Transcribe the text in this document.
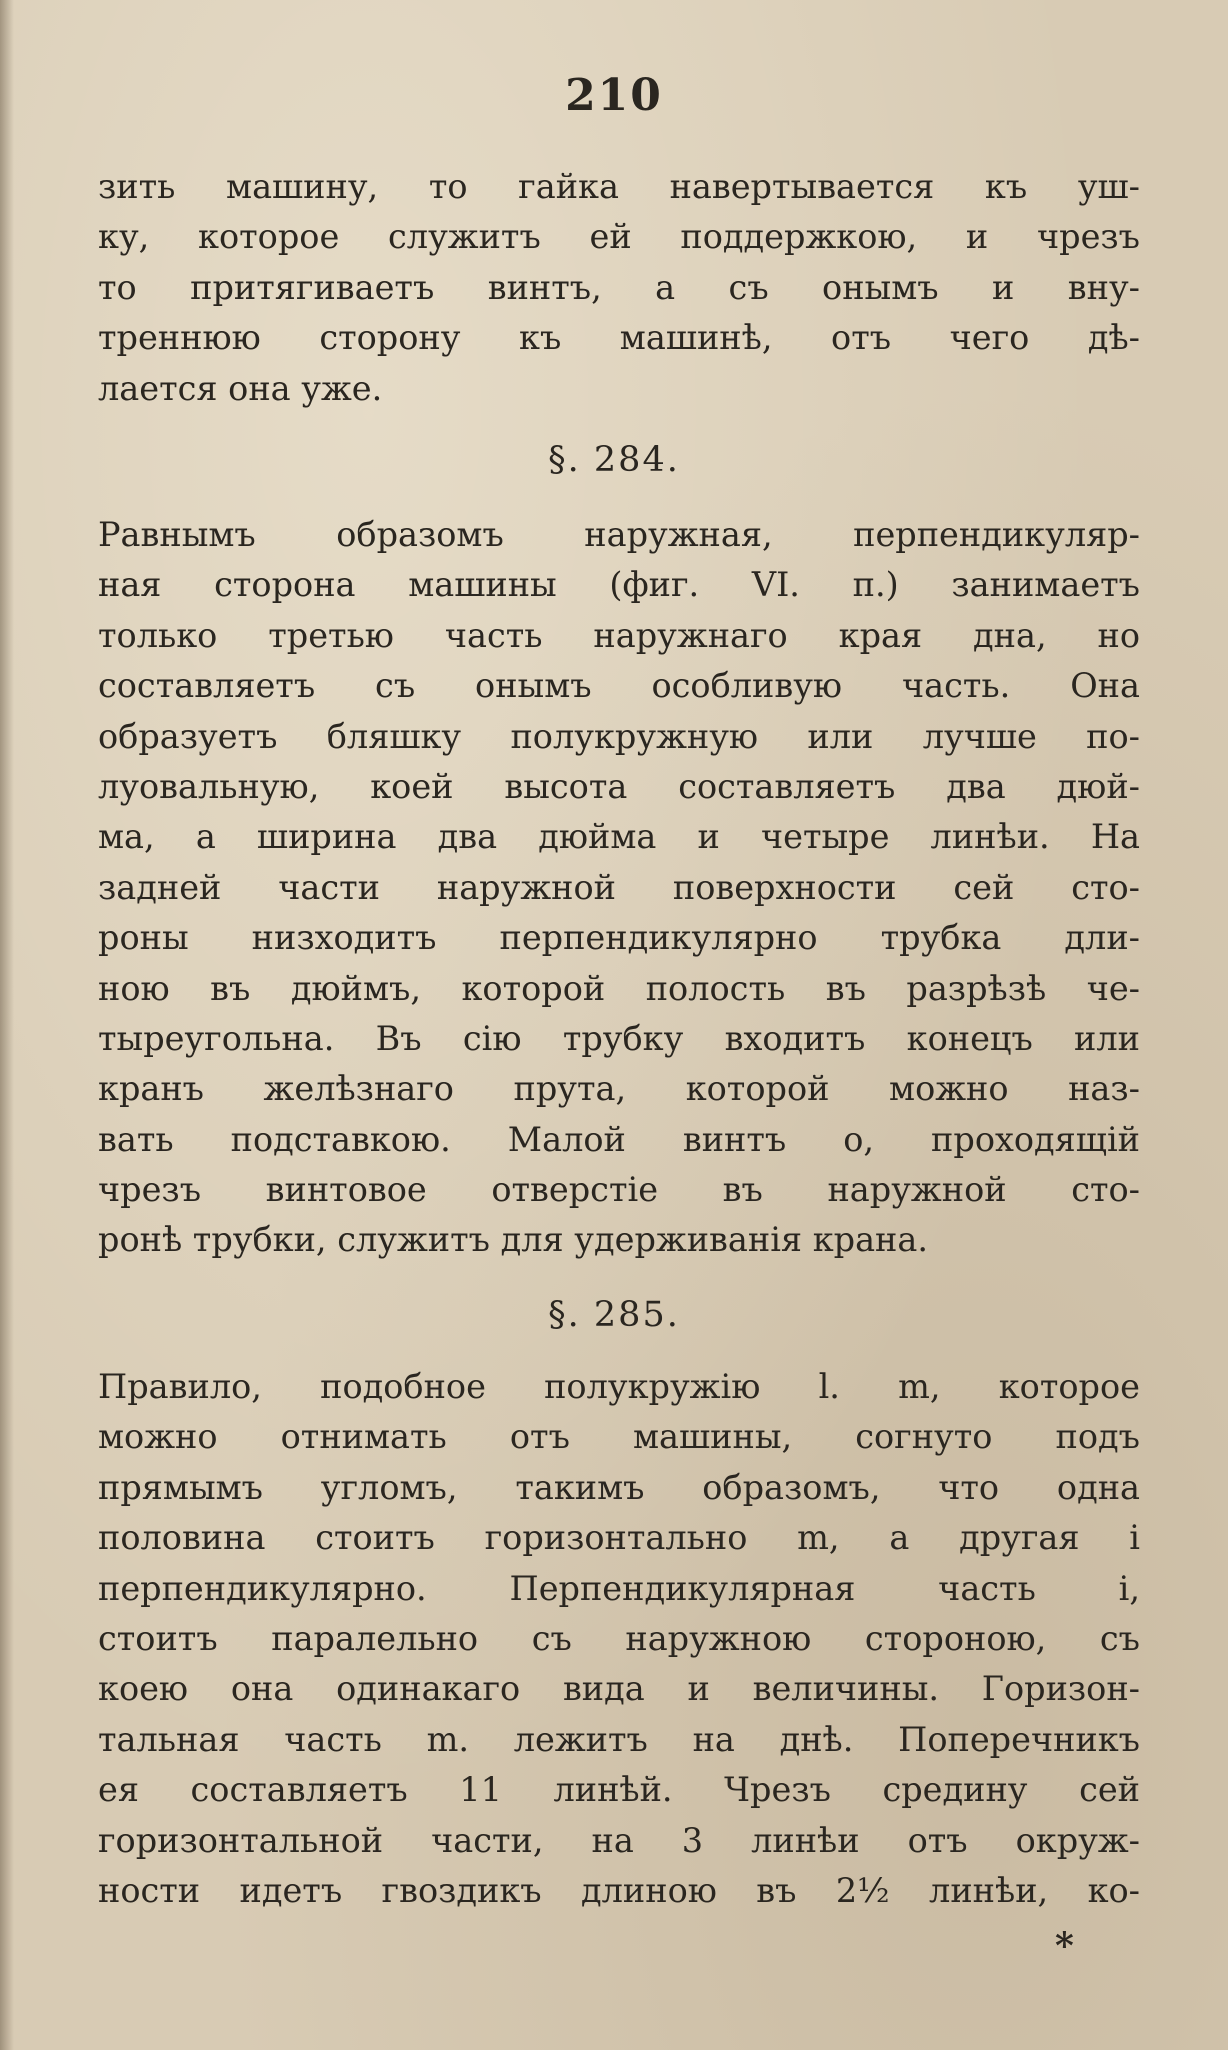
210
зить машину, то гайка навертывается къ уш-
ку, которое служитъ ей поддержкою, и чрезъ
то притягиваетъ винтъ, а съ онымъ и вну-
треннюю сторону къ машинѣ, отъ чего дѣ-
лается она уже.
§. 284.
Равнымъ образомъ наружная, перпендикуляр-
ная сторона машины (фиг. VI. п.) занимаетъ
только третью часть наружнаго края дна, но
составляетъ съ онымъ особливую часть. Она
образуетъ бляшку полукружную или лучше по-
луовальную, коей высота составляетъ два дюй-
ма, а ширина два дюйма и четыре линѣи. На
задней части наружной поверхности сей сто-
роны низходитъ перпендикулярно трубка дли-
ною въ дюймъ, которой полость въ разрѣзѣ че-
тыреугольна. Въ сію трубку входитъ конецъ или
кранъ желѣзнаго прута, которой можно наз-
вать подставкою. Малой винтъ о, проходящій
чрезъ винтовое отверстіе въ наружной сто-
ронѣ трубки, служитъ для удерживанія крана.
§. 285.
Правило, подобное полукружію l. m, которое
можно отнимать отъ машины, согнуто подъ
прямымъ угломъ, такимъ образомъ, что одна
половина стоитъ горизонтально m, а другая і
перпендикулярно. Перпендикулярная часть і,
стоитъ паралельно съ наружною стороною, съ
коею она одинакаго вида и величины. Горизон-
тальная часть m. лежитъ на днѣ. Поперечникъ
ея составляетъ 11 линѣй. Чрезъ средину сей
горизонтальной части, на 3 линѣи отъ окруж-
ности идетъ гвоздикъ длиною въ 2½ линѣи, ко-
*
